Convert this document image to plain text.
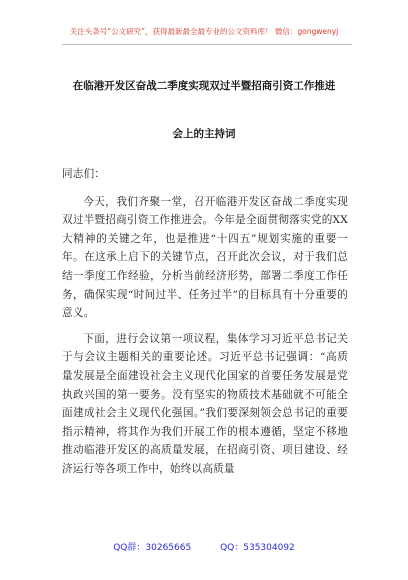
关注头条号“公文研究”，获得最新最全最专业的公文资料库！ 微信：gongwenyj
在临港开发区奋战二季度实现双过半暨招商引资工作推进
会上的主持词

同志们：

今天，我们齐聚一堂，召开临港开发区奋战二季度实现双过半暨招商引资工作推进会。今年是全面贯彻落实党的XX大精神的关键之年，也是推进“十四五”规划实施的重要一年。在这承上启下的关键节点，召开此次会议，对于我们总结一季度工作经验，分析当前经济形势，部署二季度工作任务，确保实现“时间过半、任务过半”的目标具有十分重要的意义。

下面，进行会议第一项议程，集体学习习近平总书记关于与会议主题相关的重要论述。习近平总书记强调：“高质量发展是全面建设社会主义现代化国家的首要任务发展是党执政兴国的第一要务。没有坚实的物质技术基础就不可能全面建成社会主义现代化强国。”我们要深刻领会总书记的重要指示精神，将其作为我们开展工作的根本遵循，坚定不移地推动临港开发区的高质量发展，在招商引资、项目建设、经济运行等各项工作中，始终以高质量

QQ群：30265665	QQ：535304092
